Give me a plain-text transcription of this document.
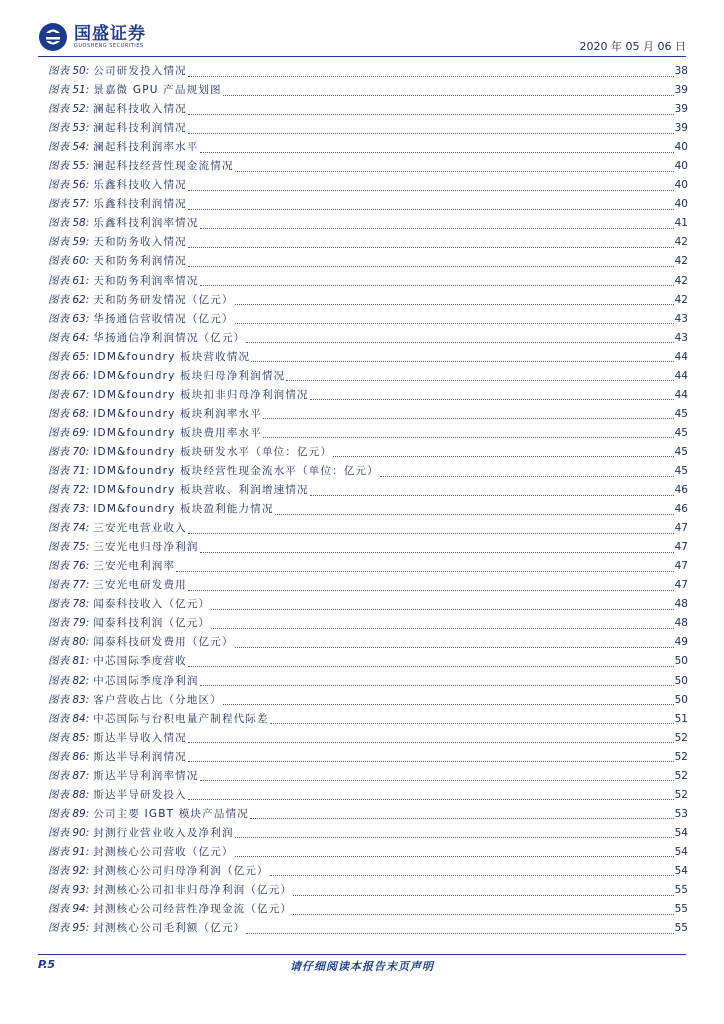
国盛证券
GUOSHENG SECURITIES	2020 年 05 月 06 日
图表 50: 公司研发投入情况	38
图表 51: 景嘉微 GPU 产品规划图	39
图表 52: 澜起科技收入情况	39
图表 53: 澜起科技利润情况	39
图表 54: 澜起科技利润率水平	40
图表 55: 澜起科技经营性现金流情况	40
图表 56: 乐鑫科技收入情况	40
图表 57: 乐鑫科技利润情况	40
图表 58: 乐鑫科技利润率情况	41
图表 59: 天和防务收入情况	42
图表 60: 天和防务利润情况	42
图表 61: 天和防务利润率情况	42
图表 62: 天和防务研发情况（亿元）	42
图表 63: 华扬通信营收情况（亿元）	43
图表 64: 华扬通信净利润情况（亿元）	43
图表 65: IDM&foundry 板块营收情况	44
图表 66: IDM&foundry 板块归母净利润情况	44
图表 67: IDM&foundry 板块扣非归母净利润情况	44
图表 68: IDM&foundry 板块利润率水平	45
图表 69: IDM&foundry 板块费用率水平	45
图表 70: IDM&foundry 板块研发水平（单位：亿元）	45
图表 71: IDM&foundry 板块经营性现金流水平（单位：亿元）	45
图表 72: IDM&foundry 板块营收、利润增速情况	46
图表 73: IDM&foundry 板块盈利能力情况	46
图表 74: 三安光电营业收入	47
图表 75: 三安光电归母净利润	47
图表 76: 三安光电利润率	47
图表 77: 三安光电研发费用	47
图表 78: 闻泰科技收入（亿元）	48
图表 79: 闻泰科技利润（亿元）	48
图表 80: 闻泰科技研发费用（亿元）	49
图表 81: 中芯国际季度营收	50
图表 82: 中芯国际季度净利润	50
图表 83: 客户营收占比（分地区）	50
图表 84: 中芯国际与台积电量产制程代际差	51
图表 85: 斯达半导收入情况	52
图表 86: 斯达半导利润情况	52
图表 87: 斯达半导利润率情况	52
图表 88: 斯达半导研发投入	52
图表 89: 公司主要 IGBT 模块产品情况	53
图表 90: 封测行业营业收入及净利润	54
图表 91: 封测核心公司营收（亿元）	54
图表 92: 封测核心公司归母净利润（亿元）	54
图表 93: 封测核心公司扣非归母净利润（亿元）	55
图表 94: 封测核心公司经营性净现金流（亿元）	55
图表 95: 封测核心公司毛利额（亿元）	55
P.5	请仔细阅读本报告末页声明
